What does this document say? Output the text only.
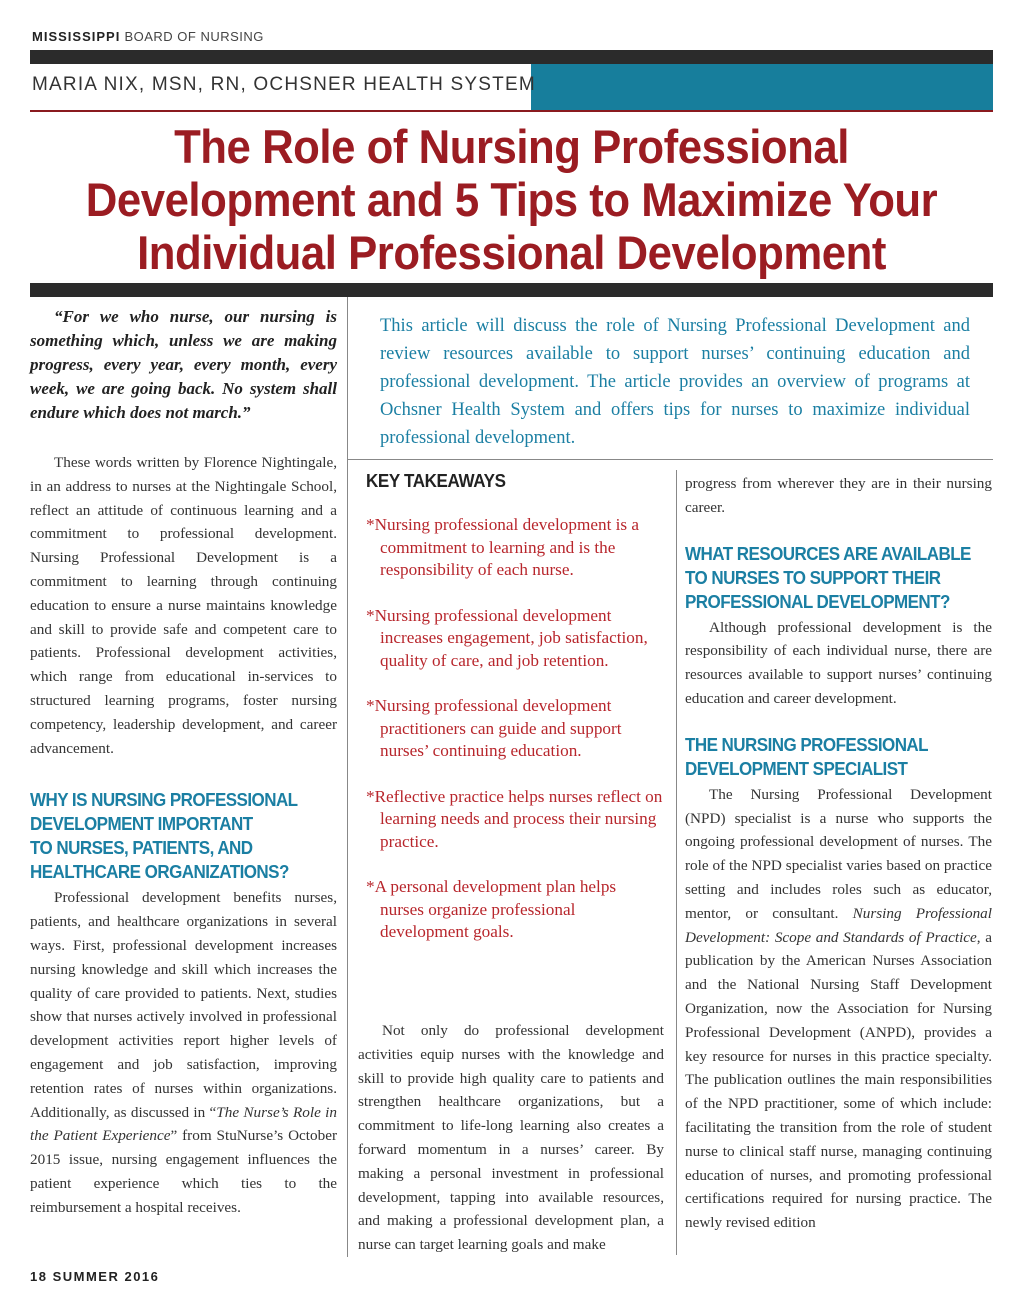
MISSISSIPPI BOARD OF NURSING
MARIA NIX, MSN, RN, OCHSNER HEALTH SYSTEM
The Role of Nursing Professional
Development and 5 Tips to Maximize Your
Individual Professional Development

“For we who nurse, our nursing is something which, unless we are making progress, every year, every month, every week, we are going back. No system shall endure which does not march.”

These words written by Florence Nightingale, in an address to nurses at the Nightingale School, reflect an attitude of continuous learning and a commitment to professional development. Nursing Professional Development is a commitment to learning through continuing education to ensure a nurse maintains knowledge and skill to provide safe and competent care to patients. Professional development activities, which range from educational in-services to structured learning programs, foster nursing competency, leadership development, and career advancement.

WHY IS NURSING PROFESSIONAL
DEVELOPMENT IMPORTANT
TO NURSES, PATIENTS, AND
HEALTHCARE ORGANIZATIONS?

Professional development benefits nurses, patients, and healthcare organizations in several ways. First, professional development increases nursing knowledge and skill which increases the quality of care provided to patients. Next, studies show that nurses actively involved in professional development activities report higher levels of engagement and job satisfaction, improving retention rates of nurses within organizations. Additionally, as discussed in “The Nurse’s Role in the Patient Experience” from StuNurse’s October 2015 issue, nursing engagement influences the patient experience which ties to the reimbursement a hospital receives.

This article will discuss the role of Nursing Professional Development and review resources available to support nurses’ continuing education and professional development. The article provides an overview of programs at Ochsner Health System and offers tips for nurses to maximize individual professional development.
KEY TAKEAWAYS
*Nursing professional development is a commitment to learning and is the responsibility of each nurse.
*Nursing professional development increases engagement, job satisfaction, quality of care, and job retention.
*Nursing professional development practitioners can guide and support nurses’ continuing education.
*Reflective practice helps nurses reflect on learning needs and process their nursing practice.
*A personal development plan helps nurses organize professional development goals.

Not only do professional development activities equip nurses with the knowledge and skill to provide high quality care to patients and strengthen healthcare organizations, but a commitment to life-long learning also creates a forward momentum in a nurses’ career. By making a personal investment in professional development, tapping into available resources, and making a professional development plan, a nurse can target learning goals and make

progress from wherever they are in their nursing career.

WHAT RESOURCES ARE AVAILABLE
TO NURSES TO SUPPORT THEIR
PROFESSIONAL DEVELOPMENT?

Although professional development is the responsibility of each individual nurse, there are resources available to support nurses’ continuing education and career development.

THE NURSING PROFESSIONAL
DEVELOPMENT SPECIALIST

The Nursing Professional Development (NPD) specialist is a nurse who supports the ongoing professional development of nurses. The role of the NPD specialist varies based on practice setting and includes roles such as educator, mentor, or consultant. Nursing Professional Development: Scope and Standards of Practice, a publication by the American Nurses Association and the National Nursing Staff Development Organization, now the Association for Nursing Professional Development (ANPD), provides a key resource for nurses in this practice specialty. The publication outlines the main responsibilities of the NPD practitioner, some of which include: facilitating the transition from the role of student nurse to clinical staff nurse, managing continuing education of nurses, and promoting professional certifications required for nursing practice. The newly revised edition

18 SUMMER 2016
